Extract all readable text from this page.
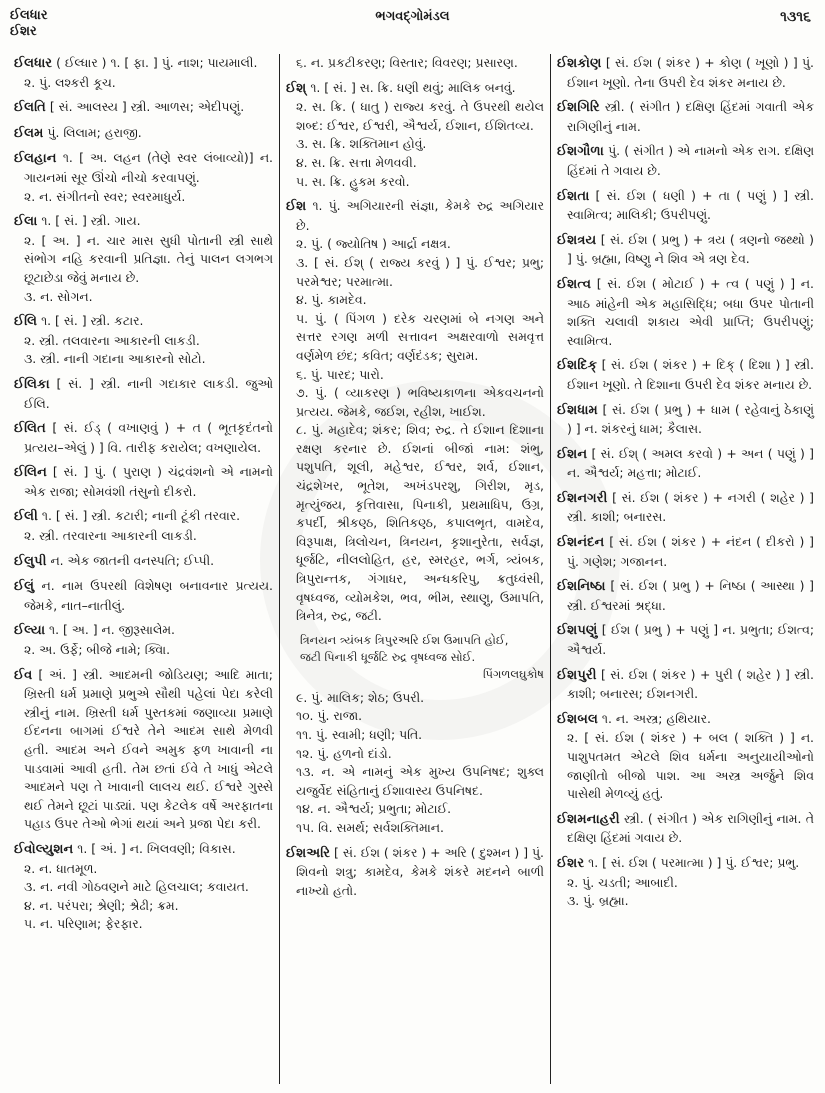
ઈલધાર
ઈશર
ભગવદ્ગોમંડલ	૧૩૧૬

ઈલધાર ( ઈલ્ધાર ) ૧. [ ફા. ] પું. નાશ; પાયમાલી.

૨. પું. લશ્કરી કૂચ.

ઈલતિ [ સં. આલસ્ય ] સ્ત્રી. આળસ; એદીપણું.

ઈલમ પું. લિલામ; હરાજી.

ઈલહાન ૧. [ અ. લહન (તેણે સ્વર લંબાવ્યો)] ન. ગાયનમાં સૂર ઊંચો નીચો કરવાપણું.

૨. ન. સંગીતનો સ્વર; સ્વરમાધુર્ય.

ઈલા ૧. [ સં. ] સ્ત્રી. ગાય.

૨. [ અ. ] ન. ચાર માસ સુધી પોતાની સ્ત્રી સાથે સંભોગ નહિ કરવાની પ્રતિજ્ઞા. તેનું પાલન લગભગ છૂટાછેડા જેવું મનાય છે.

૩. ન. સોગન.

ઈલિ ૧. [ સં. ] સ્ત્રી. કટાર.

૨. સ્ત્રી. તલવારના આકારની લાકડી.

૩. સ્ત્રી. નાની ગદાના આકારનો સોટો.

ઈલિકા [ સં. ] સ્ત્રી. નાની ગદાકાર લાકડી. જુઓ ઈલિ.

ઈલિત [ સં. ઈડ્ ( વખાણવું ) + ત ( ભૂતકૃદંતનો પ્રત્યય–એલું ) ] વિ. તારીફ કરાયેલ; વખણાયેલ.

ઈલિન [ સં. ] પું. ( પુરાણ ) ચંદ્રવંશનો એ નામનો એક રાજા; સોમવંશી તંસુનો દીકરો.

ઈલી ૧. [ સં. ] સ્ત્રી. કટારી; નાની ટૂંકી તરવાર.

૨. સ્ત્રી. તરવારના આકારની લાકડી.

ઈલુપી ન. એક જાતની વનસ્પતિ; ઈપ્પી.

ઈલું ન. નામ ઉપરથી વિશેષણ બનાવનાર પ્રત્યય. જેમકે, નાત–નાતીલું.

ઈલ્યા ૧. [ અ. ] ન. જીરૂસાલેમ.

૨. અ. ઉર્ફે; બીજે નામે; ક્વિા.

ઈવ [ અં. ] સ્ત્રી. આદમની જોડિયણ; આદિ માતા; ખ્રિસ્તી ધર્મ પ્રમાણે પ્રભુએ સૌથી પહેલાં પેદા કરેલી સ્ત્રીનું નામ. ખ્રિસ્તી ધર્મ પુસ્તકમાં જણાવ્યા પ્રમાણે ઈદનના બાગમાં ઈશ્વરે તેને આદમ સાથે મેળવી હતી. આદમ અને ઈવને અમુક ફળ ખાવાની ના પાડવામાં આવી હતી. તેમ છતાં ઈવે તે ખાધું એટલે આદમને પણ તે ખાવાની લાલચ થઈ. ઈશ્વરે ગુસ્સે થઈ તેમને છૂટાં પાડ્યાં. પણ કેટલેક વર્ષે અરફાતના પહાડ ઉપર તેઓ ભેગાં થયાં અને પ્રજા પેદા કરી.

ઈવોલ્યુશન ૧. [ અં. ] ન. ખિલવણી; વિકાસ.

૨. ન. ધાતમૂળ.

૩. ન. નવી ગોઠવણને માટે હિલચાલ; કવાયત.

૪. ન. પરંપરા; શ્રેણી; શ્રેઢી; ક્રમ.

૫. ન. પરિણામ; ફેરફાર.

૬. ન. પ્રકટીકરણ; વિસ્તાર; વિવરણ; પ્રસારણ.

ઈશ્ ૧. [ સં. ] સ. ક્રિ. ધણી થવું; માલિક બનવું.

૨. સ. ક્રિ. ( ધાતુ ) રાજ્ય કરવું. તે ઉપરથી થયેલ શબ્દ: ઈશ્વર, ઈશ્વરી, ઐશ્વર્ય, ઈશાન, ઈશિતવ્ય.

૩. સ. ક્રિ. શક્તિમાન હોવું.

૪. સ. ક્રિ. સત્તા મેળવવી.

૫. સ. ક્રિ. હુકમ કરવો.

ઈશ ૧. પું. અગિયારની સંજ્ઞા, કેમકે રુદ્ર અગિયાર છે.

૨. પું. ( જ્યોતિષ ) આર્દ્રા નક્ષત્ર.

૩. [ સં. ઈશ્ ( રાજ્ય કરવું ) ] પું. ઈશ્વર; પ્રભુ; પરમેશ્વર; પરમાત્મા.

૪. પું. કામદેવ.

૫. પું. ( પિંગળ ) દરેક ચરણમાં બે નગણ અને સત્તર રગણ મળી સત્તાવન અક્ષરવાળો સમવૃત્ત વર્ણમેળ છંદ; કવિત; વર્ણદંડક; સુરામ.

૬. પું. પારદ; પારો.

૭. પું. ( વ્યાકરણ ) ભવિષ્યકાળના એકવચનનો પ્રત્યય. જેમકે, જઈશ, રહીશ, ખાઈશ.

૮. પું. મહાદેવ; શંકર; શિવ; રુદ્ર. તે ઈશાન દિશાના રક્ષણ કરનાર છે. ઈશનાં બીજાં નામ: શંભુ, પશુપતિ, શૂલી, મહેશ્વર, ઈશ્વર, શર્વ, ઈશાન, ચંદ્રશેખર, ભૂતેશ, અખંડપરશુ, ગિરીશ, મૃડ, મૃત્યુંજય, કૃત્તિવાસા, પિનાકી, પ્રથમાધિપ, ઉગ્ર, કપર્દી, શ્રીકણ્ઠ, શિતિકણ્ઠ, કપાલભૃત, વામદેવ, વિરૂપાક્ષ, ત્રિલોચન, ત્રિનયન, કૃશાનુરેતા, સર્વજ્ઞ, ધૂર્જટિ, નીલલોહિત, હર, સ્મરહર, ભર્ગ, ત્ર્યંબક, ત્રિપુરાન્તક, ગંગાધર, અન્ધકરિપુ, ક્રતુધ્વંસી, વૃષધ્વજ, વ્યોમકેશ, ભવ, ભીમ, સ્થાણુ, ઉમાપતિ, ત્રિનેત્ર, રુદ્ર, જટી.

ત્રિનયન ત્ર્યંબક ત્રિપુરઅરિ ઈશ ઉમાપતિ હોઈ,
જટી પિનાકી ધૂર્જટિ રુદ્ર વૃષધ્વજ સોઈ.
પિંગળલઘુકોષ

૯. પું. માલિક; શેઠ; ઉપરી.

૧૦. પું. રાજા.

૧૧. પું. સ્વામી; ધણી; પતિ.

૧૨. પું. હળનો દાંડો.

૧૩. ન. એ નામનું એક મુખ્ય ઉપનિષદ; શુક્લ યજુર્વેદ સંહિતાનું ઈશાવાસ્ય ઉપનિષદ.

૧૪. ન. ઐશ્વર્ય; પ્રભુતા; મોટાઈ.

૧૫. વિ. સમર્થ; સર્વશક્તિમાન.

ઈશઅરિ [ સં. ઈશ ( શંકર ) + અરિ ( દુશ્મન ) ] પું. શિવનો શત્રુ; કામદેવ, કેમકે શંકરે મદનને બાળી નાખ્યો હતો.

ઈશકોણ [ સં. ઈશ ( શંકર ) + કોણ ( ખૂણો ) ] પું. ઈશાન ખૂણો. તેના ઉપરી દેવ શંકર મનાય છે.

ઈશગિરિ સ્ત્રી. ( સંગીત ) દક્ષિણ હિંદમાં ગવાતી એક રાગિણીનું નામ.

ઈશગૌળા પું. ( સંગીત ) એ નામનો એક રાગ. દક્ષિણ હિંદમાં તે ગવાય છે.

ઈશતા [ સં. ઈશ ( ધણી ) + તા ( પણું ) ] સ્ત્રી. સ્વામિત્વ; માલિકી; ઉપરીપણું.

ઈશત્રય [ સં. ઈશ ( પ્રભુ ) + ત્રય ( ત્રણનો જથ્થો ) ] પું. બ્રહ્મા, વિષ્ણુ ને શિવ એ ત્રણ દેવ.

ઈશત્વ [ સં. ઈશ ( મોટાઈ ) + ત્વ ( પણું ) ] ન. આઠ માંહેની એક મહાસિદ્ધિ; બધા ઉપર પોતાની શક્તિ ચલાવી શકાય એવી પ્રાપ્તિ; ઉપરીપણું; સ્વામિત્વ.

ઈશદિક્ [ સં. ઈશ ( શંકર ) + દિક્ ( દિશા ) ] સ્ત્રી. ઈશાન ખૂણો. તે દિશાના ઉપરી દેવ શંકર મનાય છે.

ઈશધામ [ સં. ઈશ ( પ્રભુ ) + ધામ ( રહેવાનું ઠેકાણું ) ] ન. શંકરનું ધામ; કૈલાસ.

ઈશન [ સં. ઈશ્ ( અમલ કરવો ) + અન ( પણું ) ] ન. ઐશ્વર્ય; મહત્તા; મોટાઈ.

ઈશનગરી [ સં. ઈશ ( શંકર ) + નગરી ( શહેર ) ] સ્ત્રી. કાશી; બનારસ.

ઈશનંદન [ સં. ઈશ ( શંકર ) + નંદન ( દીકરો ) ] પું. ગણેશ; ગજાનન.

ઈશનિષ્ઠા [ સં. ઈશ ( પ્રભુ ) + નિષ્ઠા ( આસ્થા ) ] સ્ત્રી. ઈશ્વરમાં શ્રદ્ધા.

ઈશપણું [ ઈશ ( પ્રભુ ) + પણું ] ન. પ્રભુતા; ઈશત્વ; ઐશ્વર્ય.

ઈશપુરી [ સં. ઈશ ( શંકર ) + પુરી ( શહેર ) ] સ્ત્રી. કાશી; બનારસ; ઈશનગરી.

ઈશબલ ૧. ન. અસ્ત્ર; હથિયાર.

૨. [ સં. ઈશ ( શંકર ) + બલ ( શક્તિ ) ] ન. પાશુપતમત એટલે શિવ ધર્મના અનુયાયીઓનો જાણીતો બીજો પાશ. આ અસ્ત્ર અર્જુને શિવ પાસેથી મેળવ્યું હતું.

ઈશમનાહરી સ્ત્રી. ( સંગીત ) એક રાગિણીનું નામ. તે દક્ષિણ હિંદમાં ગવાય છે.

ઈશર ૧. [ સં. ઈશ ( પરમાત્મા ) ] પું. ઈશ્વર; પ્રભુ.

૨. પું. ચડતી; આબાદી.

૩. પું. બ્રહ્મા.
